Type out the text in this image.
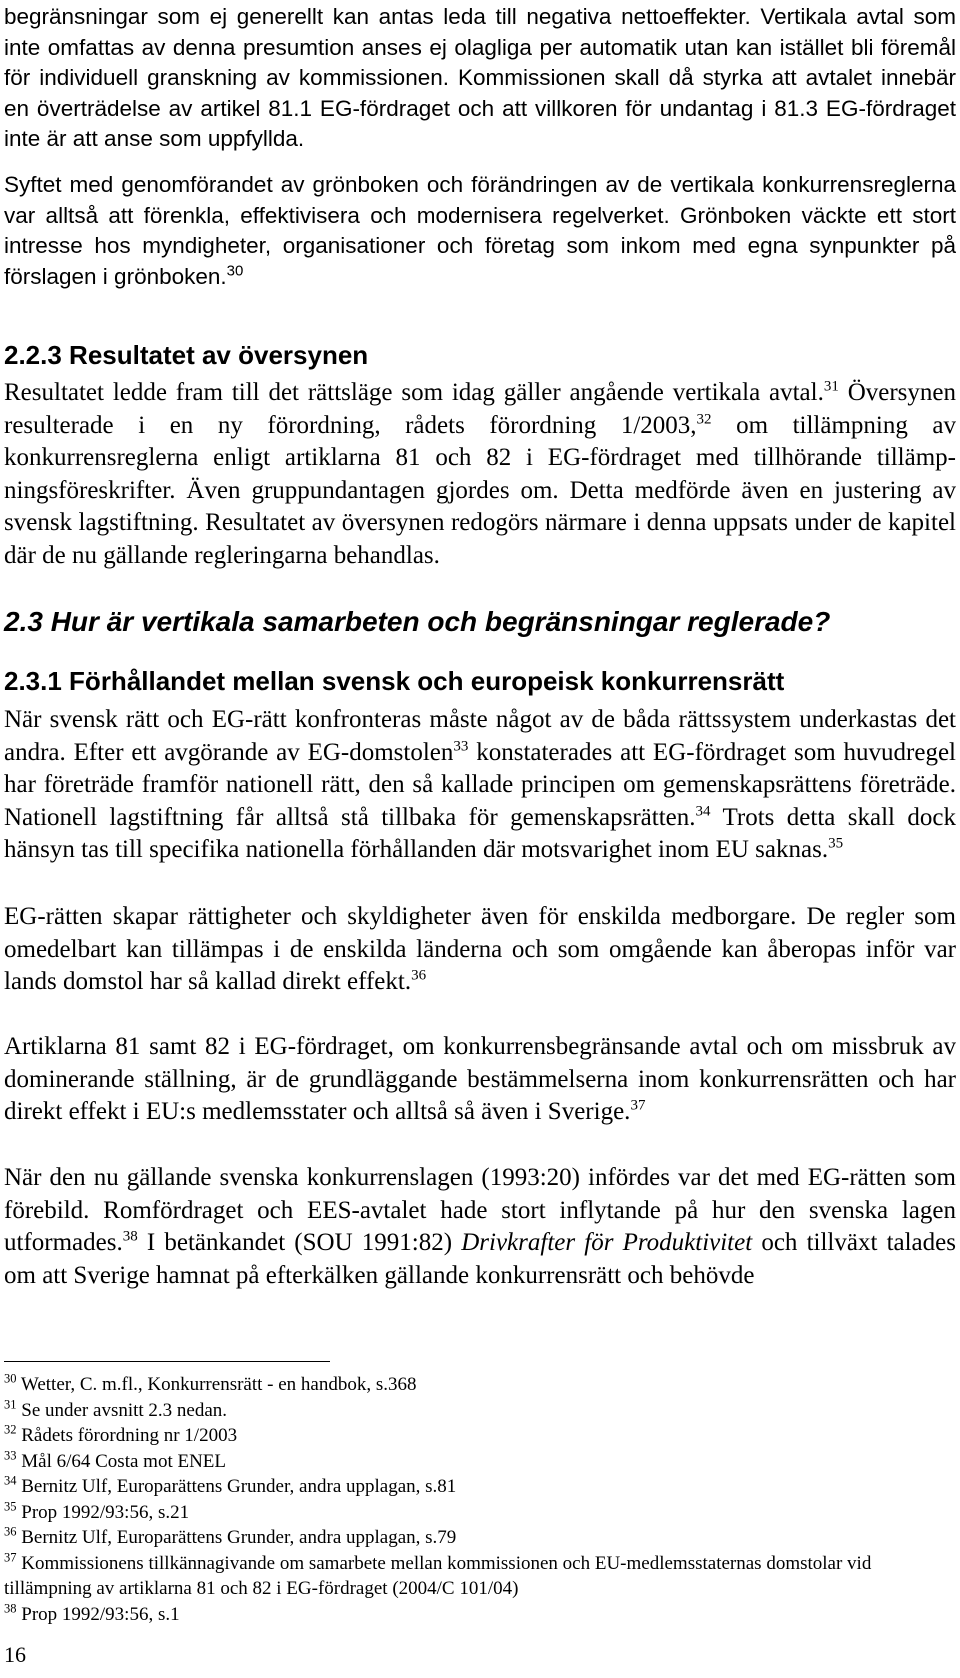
begränsningar som ej generellt kan antas leda till negativa nettoeffekter. Vertikala avtal som inte omfattas av denna presumtion anses ej olagliga per automatik utan kan istället bli föremål för individuell granskning av kommissionen. Kommissionen skall då styrka att avtalet innebär en överträdelse av artikel 81.1 EG-fördraget och att villkoren för undantag i 81.3 EG-fördraget inte är att anse som uppfyllda.

Syftet med genomförandet av grönboken och förändringen av de vertikala konkurrensreglerna var alltså att förenkla, effektivisera och modernisera regelverket. Grönboken väckte ett stort intresse hos myndigheter, organisationer och företag som inkom med egna synpunkter på förslagen i grönboken.$^{30}$

2.2.3 Resultatet av översynen

Resultatet ledde fram till det rättsläge som idag gäller angående vertikala avtal.$^{31}$ Översynen resulterade i en ny förordning, rådets förordning 1/2003,32 om tillämpning av konkurrensreglerna enligt artiklarna 81 och 82 i EG-fördraget med tillhörande tillämpningsföreskrifter. Även gruppundantagen gjordes om. Detta medförde även en justering av svensk lagstiftning. Resultatet av översynen redogörs närmare i denna uppsats under de kapitel där de nu gällande regleringarna behandlas.

2.3 Hur är vertikala samarbeten och begränsningar reglerade?
2.3.1 Förhållandet mellan svensk och europeisk konkurrensrätt

När svensk rätt och EG-rätt konfronteras måste något av de båda rättssystem underkastas det andra. Efter ett avgörande av EG-domstolen$^{33}$ konstaterades att EG-fördraget som huvudregel har företräde framför nationell rätt, den så kallade principen om gemenskapsrättens företräde. Nationell lagstiftning får alltså stå tillbaka för gemenskapsrätten.$^{34}$ Trots detta skall dock hänsyn tas till specifika nationella förhållanden där motsvarighet inom EU saknas.$^{35}$

EG-rätten skapar rättigheter och skyldigheter även för enskilda medborgare. De regler som omedelbart kan tillämpas i de enskilda länderna och som omgående kan åberopas inför var lands domstol har så kallad direkt effekt.$^{36}$

Artiklarna 81 samt 82 i EG-fördraget, om konkurrensbegränsande avtal och om missbruk av dominerande ställning, är de grundläggande bestämmelserna inom konkurrensrätten och har direkt effekt i EU:s medlemsstater och alltså så även i Sverige.$^{37}$

När den nu gällande svenska konkurrenslagen (1993:20) infördes var det med EG-rätten som förebild. Romfördraget och EES-avtalet hade stort inflytande på hur den svenska lagen utformades.$^{38}$ I betänkandet (SOU 1991:82) Drivkrafter för Produktivitet och tillväxt talades om att Sverige hamnat på efterkälken gällande konkurrensrätt och behövde

$^{30}$ Wetter, C. m.fl., Konkurrensrätt - en handbok, s.368

$^{31}$ Se under avsnitt 2.3 nedan.

$^{32}$ Rådets förordning nr 1/2003

$^{33}$ Mål 6/64 Costa mot ENEL

$^{34}$ Bernitz Ulf, Europarättens Grunder, andra upplagan, s.81

$^{35}$ Prop 1992/93:56, s.21

$^{36}$ Bernitz Ulf, Europarättens Grunder, andra upplagan, s.79

$^{37}$ Kommissionens tillkännagivande om samarbete mellan kommissionen och EU-medlemsstaternas domstolar vid tillämpning av artiklarna 81 och 82 i EG-fördraget (2004/C 101/04)

$^{38}$ Prop 1992/93:56, s.1

16
